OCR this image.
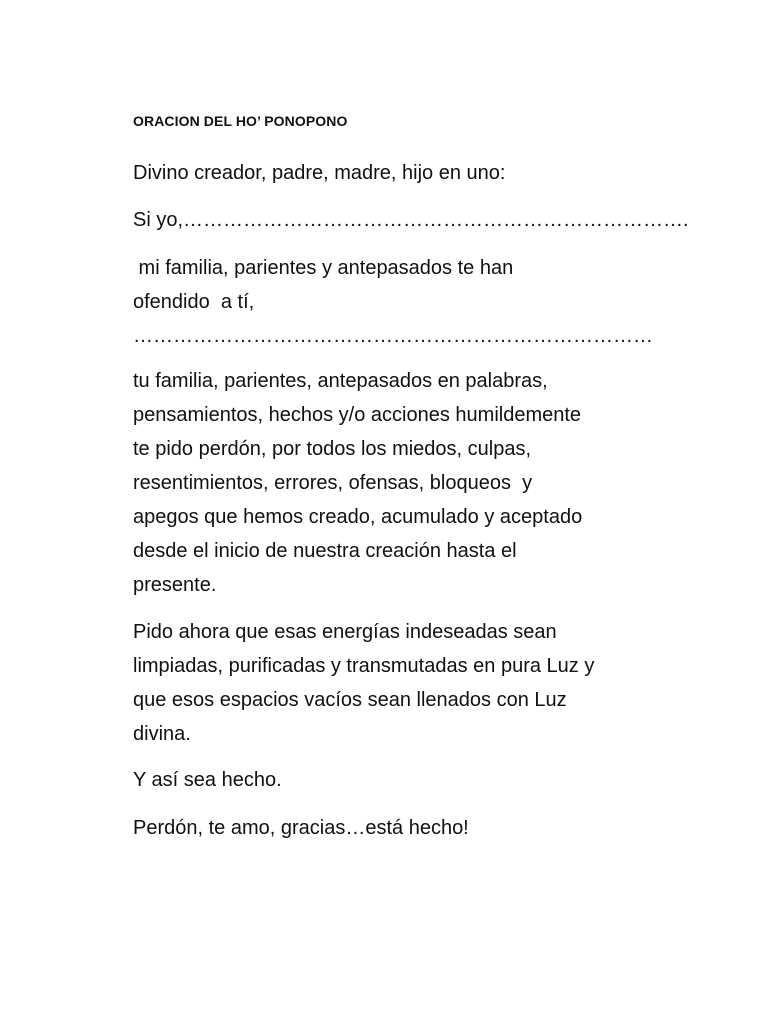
ORACION DEL HO’ PONOPONO
Divino creador, padre, madre, hijo en uno:
Si yo,………………………………………………………………….
mi familia, parientes y antepasados te han
ofendido  a tí,
……………………………………………………………………
tu familia, parientes, antepasados en palabras,
pensamientos, hechos y/o acciones humildemente
te pido perdón, por todos los miedos, culpas,
resentimientos, errores, ofensas, bloqueos  y
apegos que hemos creado, acumulado y aceptado
desde el inicio de nuestra creación hasta el
presente.
Pido ahora que esas energías indeseadas sean
limpiadas, purificadas y transmutadas en pura Luz y
que esos espacios vacíos sean llenados con Luz
divina.
Y así sea hecho.
Perdón, te amo, gracias…está hecho!
